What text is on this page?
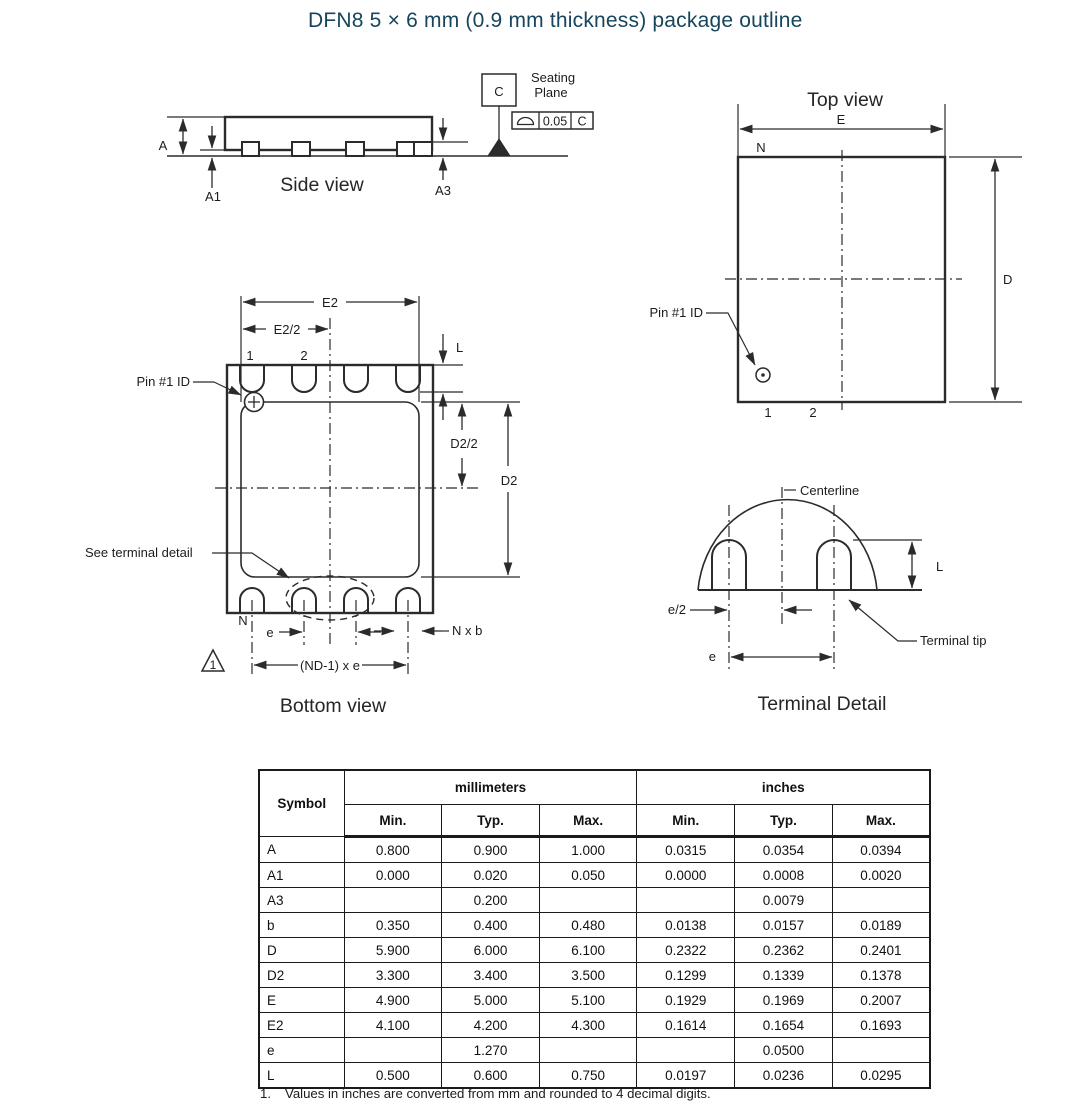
DFN8 5 × 6 mm (0.9 mm thickness) package outline
A
A1	A3
Side view
C
Seating
Plane
0.05 C
Top view
E
N
D
Pin #1 ID
1	2
E2
E2/2
L
D2/2
D2
1	2
Pin #1 ID
See terminal detail
N
e	N x b
(ND-1) x e
1
Bottom view
Centerline
L
e/2
e
Terminal tip
Terminal Detail
Symbol	millimeters			inches		
	Min.	Typ.	Max.	Min.	Typ.	Max.
A	0.800	0.900	1.000	0.0315	0.0354	0.0394
A1	0.000	0.020	0.050	0.0000	0.0008	0.0020
A3		0.200			0.0079	
b	0.350	0.400	0.480	0.0138	0.0157	0.0189
D	5.900	6.000	6.100	0.2322	0.2362	0.2401
D2	3.300	3.400	3.500	0.1299	0.1339	0.1378
E	4.900	5.000	5.100	0.1929	0.1969	0.2007
E2	4.100	4.200	4.300	0.1614	0.1654	0.1693
e		1.270			0.0500	
L	0.500	0.600	0.750	0.0197	0.0236	0.0295
1. Values in inches are converted from mm and rounded to 4 decimal digits.
